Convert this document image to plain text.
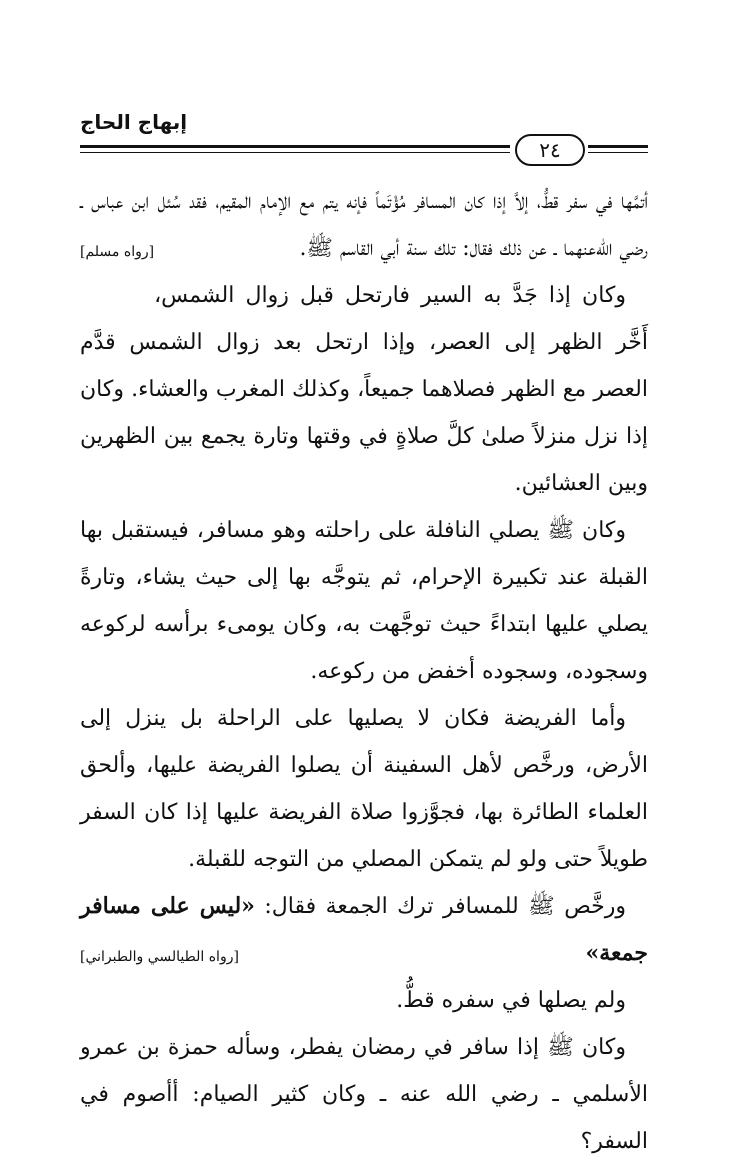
إبهاج الحاج
٢٤

أتمَّها في سفر قطُّ، إلاَّ إذا كان المسافر مُؤْتَماً فإنه يتم مع الإمام المقيم، فقد سُئل ابن عباس ـ رضي الله‌عنهما ـ عن ذلك فقال: تلك سنة أبي القاسم ﷺ.
[رواه مسلم]

وكان إذا جَدَّ به السير فارتحل قبل زوال الشمس، أَخَّر الظهر إلى العصر، وإذا ارتحل بعد زوال الشمس قدَّم العصر مع الظهر فصلاهما جميعاً، وكذلك المغرب والعشاء. وكان إذا نزل منزلاً صلىٰ كلَّ صلاةٍ في وقتها وتارة يجمع بين الظهرين وبين العشائين.

وكان ﷺ يصلي النافلة على راحلته وهو مسافر، فيستقبل بها القبلة عند تكبيرة الإحرام، ثم يتوجَّه بها إلى حيث يشاء، وتارةً يصلي عليها ابتداءً حيث توجَّهت به، وكان يومىء برأسه لركوعه وسجوده، وسجوده أخفض من ركوعه.

وأما الفريضة فكان لا يصليها على الراحلة بل ينزل إلى الأرض، ورخَّص لأهل السفينة أن يصلوا الفريضة عليها، وألحق العلماء الطائرة بها، فجوَّزوا صلاة الفريضة عليها إذا كان السفر طويلاً حتى ولو لم يتمكن المصلي من التوجه للقبلة.

ورخَّص ﷺ للمسافر ترك الجمعة فقال: «ليس على مسافر جمعة»
[رواه الطيالسي والطبراني]

ولم يصلها في سفره قطُّ.

وكان ﷺ إذا سافر في رمضان يفطر، وسأله حمزة بن عمرو الأسلمي ـ رضي الله عنه ـ وكان كثير الصيام: أأصوم في السفر؟
